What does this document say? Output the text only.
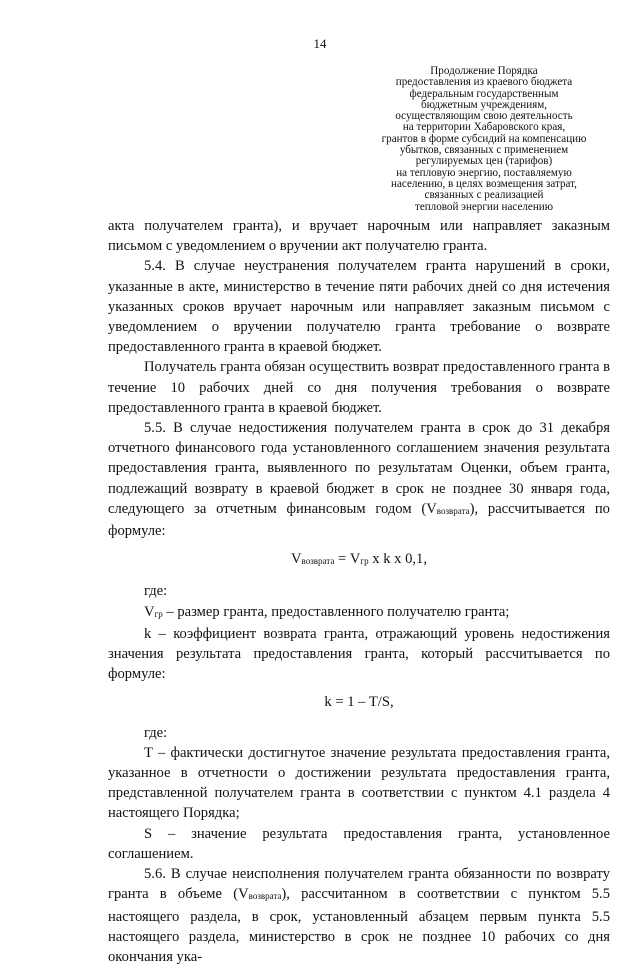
14
Продолжение Порядка
предоставления из краевого бюджета
федеральным государственным
бюджетным учреждениям,
осуществляющим свою деятельность
на территории Хабаровского края,
грантов в форме субсидий на компенсацию
убытков, связанных с применением
регулируемых цен (тарифов)
на тепловую энергию, поставляемую
населению, в целях возмещения затрат,
связанных с реализацией
тепловой энергии населению

акта получателем гранта), и вручает нарочным или направляет заказным письмом с уведомлением о вручении акт получателю гранта.

5.4. В случае неустранения получателем гранта нарушений в сроки, указанные в акте, министерство в течение пяти рабочих дней со дня истечения указанных сроков вручает нарочным или направляет заказным письмом с уведомлением о вручении получателю гранта требование о возврате предоставленного гранта в краевой бюджет.

Получатель гранта обязан осуществить возврат предоставленного гранта в течение 10 рабочих дней со дня получения требования о возврате предоставленного гранта в краевой бюджет.

5.5. В случае недостижения получателем гранта в срок до 31 декабря отчетного финансового года установленного соглашением значения результата предоставления гранта, выявленного по результатам Оценки, объем гранта, подлежащий возврату в краевой бюджет в срок не позднее 30 января года, следующего за отчетным финансовым годом (Vвозврата), рассчитывается по формуле:

Vвозврата = Vгр x k x 0,1,

где:

Vгр – размер гранта, предоставленного получателю гранта;

k – коэффициент возврата гранта, отражающий уровень недостижения значения результата предоставления гранта, который рассчитывается по формуле:

k = 1 – T/S,

где:

T – фактически достигнутое значение результата предоставления гранта, указанное в отчетности о достижении результата предоставления гранта, представленной получателем гранта в соответствии с пунктом 4.1 раздела 4 настоящего Порядка;

S – значение результата предоставления гранта, установленное соглашением.

5.6. В случае неисполнения получателем гранта обязанности по возврату гранта в объеме (Vвозврата), рассчитанном в соответствии с пунктом 5.5 настоящего раздела, в срок, установленный абзацем первым пункта 5.5 настоящего раздела, министерство в срок не позднее 10 рабочих со дня окончания ука-
